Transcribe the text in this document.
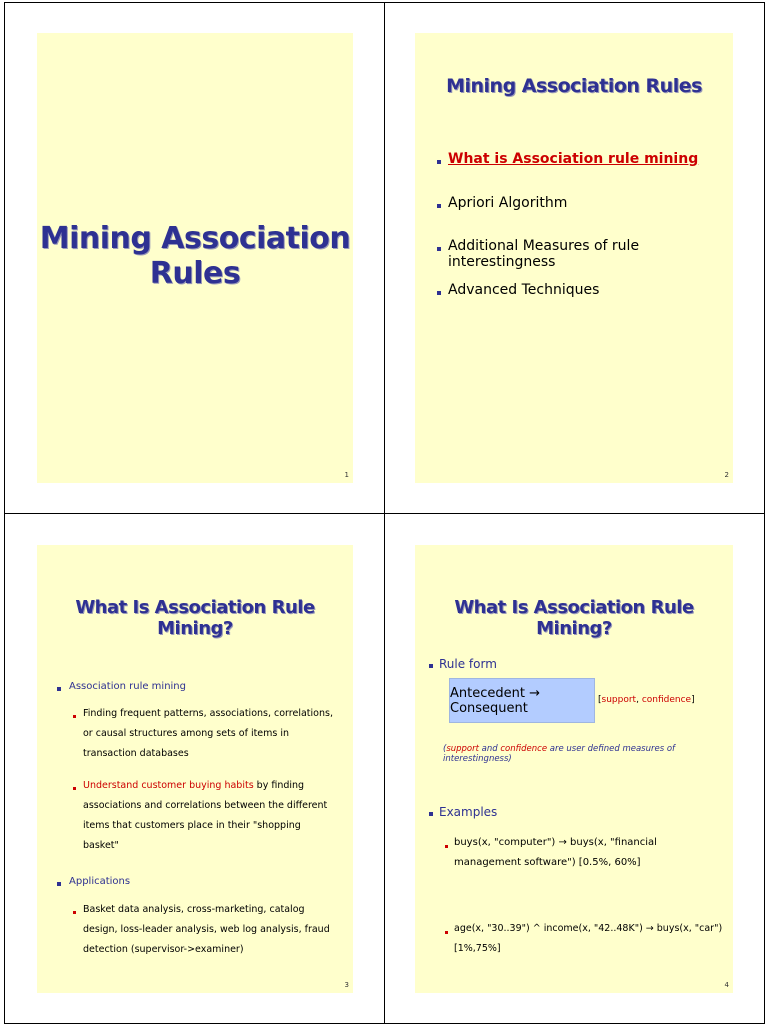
Mining Association Rules
1
Mining Association Rules
What is Association rule mining
Apriori Algorithm
Additional Measures of rule interestingness
Advanced Techniques
2
What Is Association Rule Mining?
Association rule mining
Finding frequent patterns, associations, correlations, or causal structures among sets of items in transaction databases
Understand customer buying habits by finding associations and correlations between the different items that customers place in their "shopping basket"
Applications
Basket data analysis, cross-marketing, catalog design, loss-leader analysis, web log analysis, fraud detection (supervisor->examiner)
3
What Is Association Rule Mining?
Rule form
Antecedent → Consequent
[support, confidence]
(support and confidence are user defined measures of interestingness)
Examples
buys(x, "computer") → buys(x, "financial management software") [0.5%, 60%]
age(x, "30..39") ^ income(x, "42..48K") → buys(x, "car") [1%,75%]
4
